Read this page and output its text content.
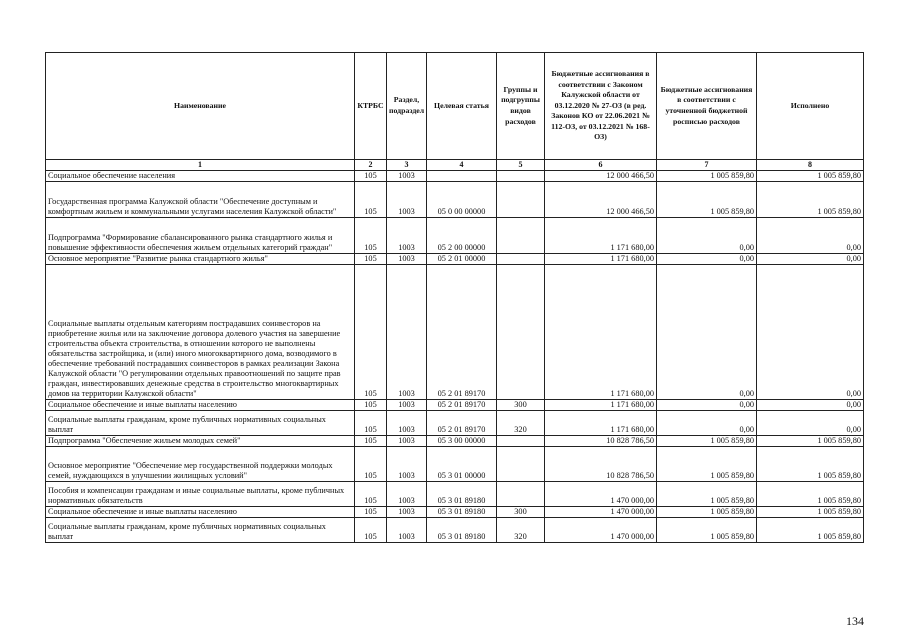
Наименование	КТРБС	Раздел, подраздел	Целевая статья	Группы и подгруппы видов расходов	Бюджетные ассигнования в соответствии с Законом Калужской области от 03.12.2020 № 27-ОЗ (в ред. Законов КО от 22.06.2021 № 112-ОЗ, от 03.12.2021 № 168-ОЗ)	Бюджетные ассигнования в соответствии с уточненной бюджетной росписью расходов	Исполнено
1	2	3	4	5	6	7	8
Социальное обеспечение населения	105	1003			12 000 466,50	1 005 859,80	1 005 859,80
Государственная программа Калужской области "Обеспечение доступным и комфортным жильем и коммунальными услугами населения Калужской области"	105	1003	05 0 00 00000		12 000 466,50	1 005 859,80	1 005 859,80
Подпрограмма "Формирование сбалансированного рынка стандартного жилья и повышение эффективности обеспечения жильем отдельных категорий граждан"	105	1003	05 2 00 00000		1 171 680,00	0,00	0,00
Основное мероприятие "Развитие рынка стандартного жилья"	105	1003	05 2 01 00000		1 171 680,00	0,00	0,00
Социальные выплаты отдельным категориям пострадавших соинвесторов на приобретение жилья или на заключение договора долевого участия на завершение строительства объекта строительства, в отношении которого не выполнены обязательства застройщика, и (или) иного многоквартирного дома, возводимого в обеспечение требований пострадавших соинвесторов в рамках реализации Закона Калужской области "О регулировании отдельных правоотношений по защите прав граждан, инвестировавших денежные средства в строительство многоквартирных домов на территории Калужской области"	105	1003	05 2 01 89170		1 171 680,00	0,00	0,00
Социальное обеспечение и иные выплаты населению	105	1003	05 2 01 89170	300	1 171 680,00	0,00	0,00
Социальные выплаты гражданам, кроме публичных нормативных социальных выплат	105	1003	05 2 01 89170	320	1 171 680,00	0,00	0,00
Подпрограмма "Обеспечение жильем молодых семей"	105	1003	05 3 00 00000		10 828 786,50	1 005 859,80	1 005 859,80
Основное мероприятие "Обеспечение мер государственной поддержки молодых семей, нуждающихся в улучшении жилищных условий"	105	1003	05 3 01 00000		10 828 786,50	1 005 859,80	1 005 859,80
Пособия и компенсации гражданам и иные социальные выплаты, кроме публичных нормативных обязательств	105	1003	05 3 01 89180		1 470 000,00	1 005 859,80	1 005 859,80
Социальное обеспечение и иные выплаты населению	105	1003	05 3 01 89180	300	1 470 000,00	1 005 859,80	1 005 859,80
Социальные выплаты гражданам, кроме публичных нормативных социальных выплат	105	1003	05 3 01 89180	320	1 470 000,00	1 005 859,80	1 005 859,80
134
